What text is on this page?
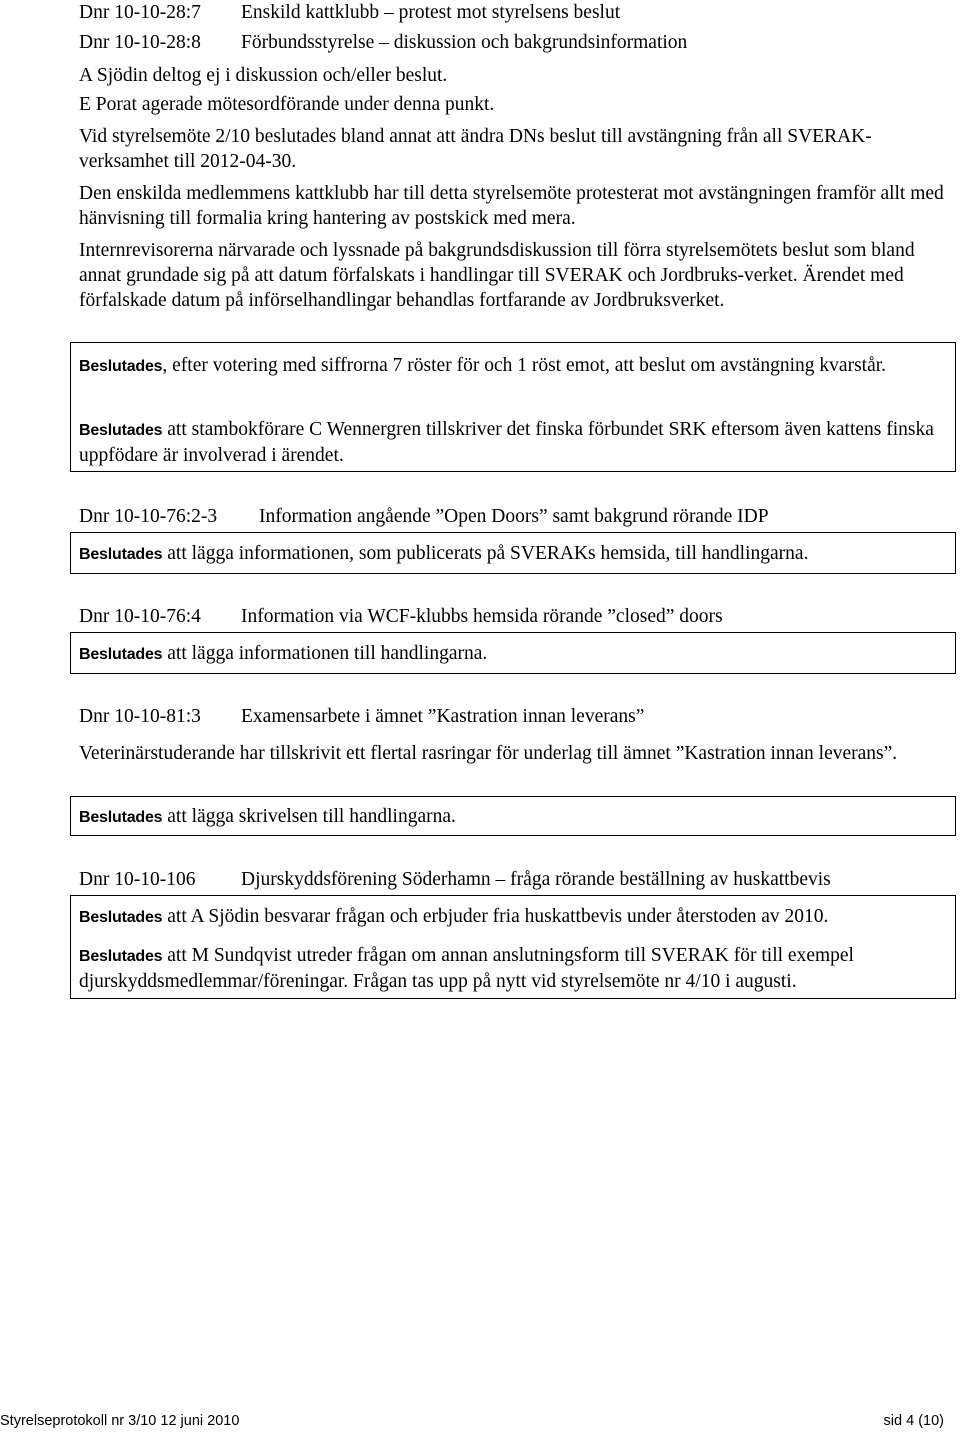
Dnr 10-10-28:7 Enskild kattklubb – protest mot styrelsens beslut
Dnr 10-10-28:8 Förbundsstyrelse – diskussion och bakgrundsinformation
A Sjödin deltog ej i diskussion och/eller beslut.
E Porat agerade mötesordförande under denna punkt.
Vid styrelsemöte 2/10 beslutades bland annat att ändra DNs beslut till avstängning från all SVERAK-verksamhet till 2012-04-30.
Den enskilda medlemmens kattklubb har till detta styrelsemöte protesterat mot avstängningen framför allt med hänvisning till formalia kring hantering av postskick med mera.
Internrevisorerna närvarade och lyssnade på bakgrundsdiskussion till förra styrelsemötets beslut som bland annat grundade sig på att datum förfalskats i handlingar till SVERAK och Jordbruks-verket. Ärendet med förfalskade datum på införselhandlingar behandlas fortfarande av Jordbruksverket.
Beslutades, efter votering med siffrorna 7 röster för och 1 röst emot, att beslut om avstängning kvarstår.
Beslutades att stambokförare C Wennergren tillskriver det finska förbundet SRK eftersom även kattens finska uppfödare är involverad i ärendet.
Dnr 10-10-76:2-3 Information angående ”Open Doors” samt bakgrund rörande IDP
Beslutades att lägga informationen, som publicerats på SVERAKs hemsida, till handlingarna.
Dnr 10-10-76:4 Information via WCF-klubbs hemsida rörande ”closed” doors
Beslutades att lägga informationen till handlingarna.
Dnr 10-10-81:3 Examensarbete i ämnet ”Kastration innan leverans”
Veterinärstuderande har tillskrivit ett flertal rasringar för underlag till ämnet ”Kastration innan leverans”.
Beslutades att lägga skrivelsen till handlingarna.
Dnr 10-10-106 Djurskyddsförening Söderhamn – fråga rörande beställning av huskattbevis
Beslutades att A Sjödin besvarar frågan och erbjuder fria huskattbevis under återstoden av 2010.
Beslutades att M Sundqvist utreder frågan om annan anslutningsform till SVERAK för till exempel djurskyddsmedlemmar/föreningar. Frågan tas upp på nytt vid styrelsemöte nr 4/10 i augusti.
Styrelseprotokoll nr 3/10 12 juni 2010	sid 4 (10)
